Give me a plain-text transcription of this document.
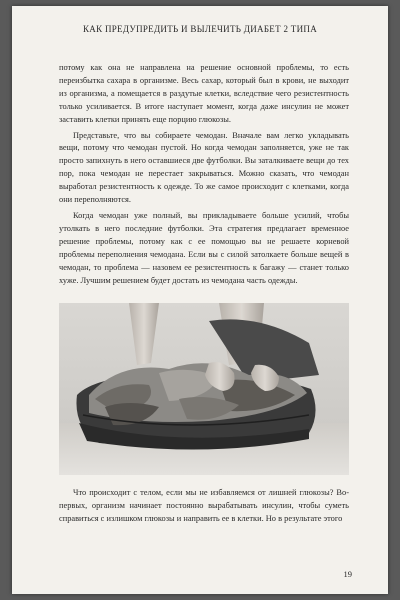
КАК ПРЕДУПРЕДИТЬ И ВЫЛЕЧИТЬ ДИАБЕТ 2 ТИПА

потому как она не направлена на решение основной проблемы, то есть переизбытка сахара в организме. Весь сахар, который был в крови, не выходит из организма, а помещается в раздутые клетки, вследствие чего резистентность только усиливается. В итоге наступает момент, когда даже инсулин не может заставить клетки принять еще порцию глюкозы.

Представьте, что вы собираете чемодан. Вначале вам легко укладывать вещи, потому что чемодан пустой. Но когда чемодан заполняется, уже не так просто запихнуть в него оставшиеся две футболки. Вы заталкиваете вещи до тех пор, пока чемодан не перестает закрываться. Можно сказать, что чемодан выработал резистентность к одежде. То же самое происходит с клетками, когда они переполняются.

Когда чемодан уже полный, вы прикладываете больше усилий, чтобы утолкать в него последние футболки. Эта стратегия предлагает временное решение проблемы, потому как с ее помощью вы не решаете корневой проблемы переполнения чемодана. Если вы с силой затолкаете больше вещей в чемодан, то проблема — назовем ее резистентность к багажу — станет только хуже. Лучшим решением будет достать из чемодана часть одежды.

Что происходит с телом, если мы не избавляемся от лишней глюкозы? Во-первых, организм начинает постоянно вырабатывать инсулин, чтобы суметь справиться с излишком глюкозы и направить ее в клетки. Но в результате этого

19
